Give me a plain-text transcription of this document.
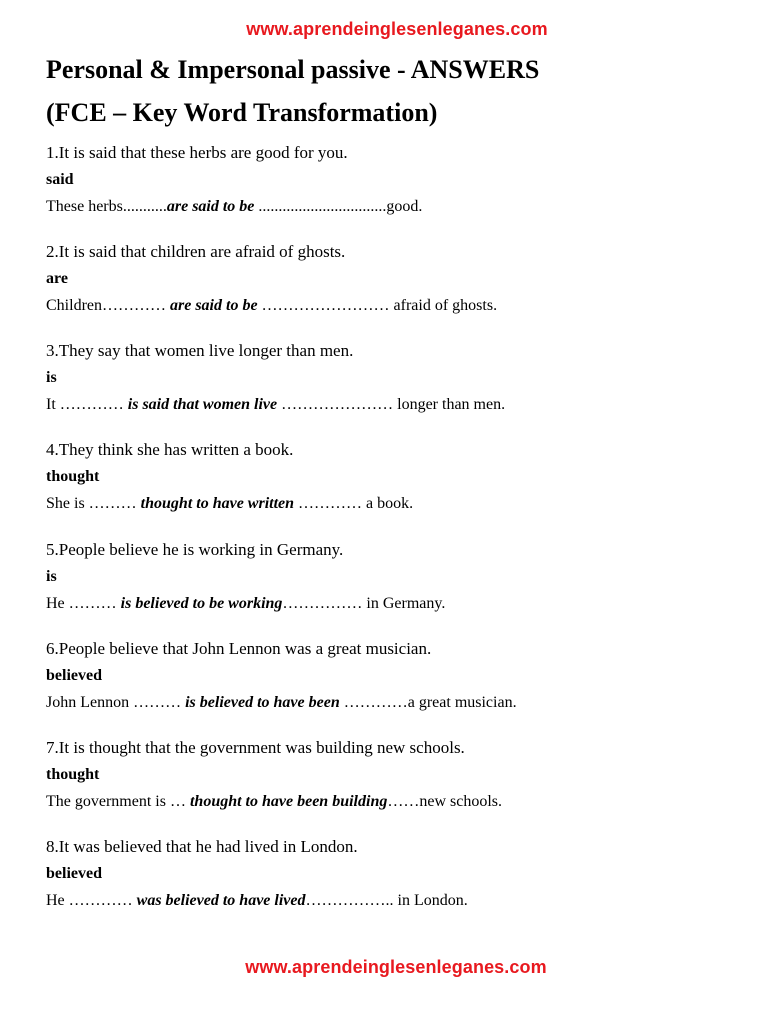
www.aprendeinglesenleganes.com
Personal & Impersonal passive - ANSWERS
(FCE – Key Word Transformation)
1.It is said that these herbs are good for you.
said
These herbs...........are said to be ................................good.
2.It is said that children are afraid of ghosts.
are
Children………… are said to be …………………… afraid of ghosts.
3.They say that women live longer than men.
is
It ………… is said that women live ………………… longer than men.
4.They think she has written a book.
thought
She is ……… thought to have written ………… a book.
5.People believe he is working in Germany.
is
He ……… is believed to be working…………… in Germany.
6.People believe that John Lennon was a great musician.
believed
John Lennon ……… is believed to have been …………a great musician.
7.It is thought that the government was building new schools.
thought
The government is … thought to have been building……new schools.
8.It was believed that he had lived in London.
believed
He ………… was believed to have lived…………….. in London.
www.aprendeinglesenleganes.com
